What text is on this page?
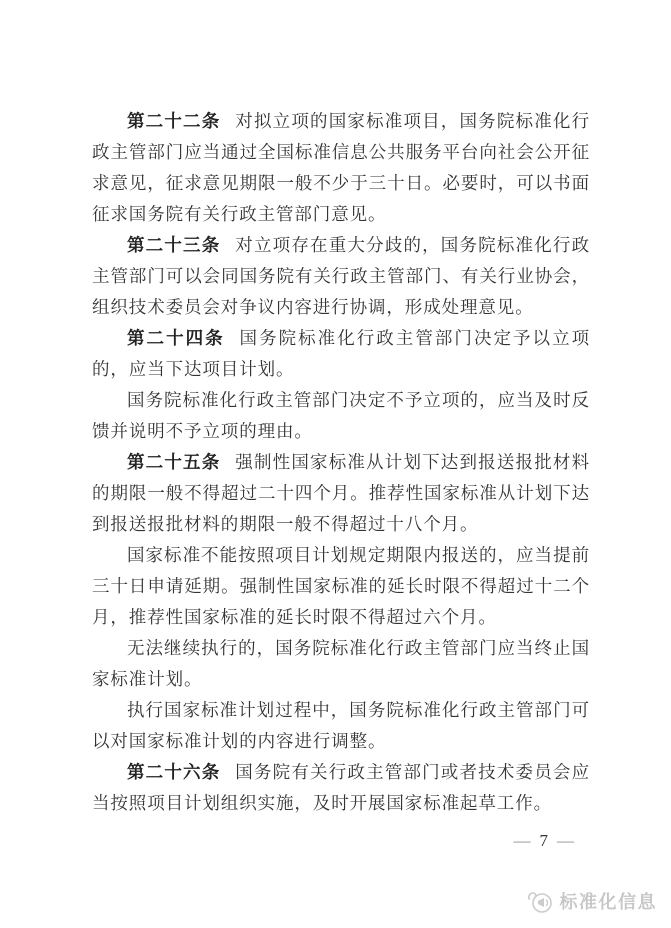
第二十二条 对拟立项的国家标准项目，国务院标准化行政主管部门应当通过全国标准信息公共服务平台向社会公开征求意见，征求意见期限一般不少于三十日。必要时，可以书面征求国务院有关行政主管部门意见。

第二十三条 对立项存在重大分歧的，国务院标准化行政主管部门可以会同国务院有关行政主管部门、有关行业协会，组织技术委员会对争议内容进行协调，形成处理意见。

第二十四条 国务院标准化行政主管部门决定予以立项的，应当下达项目计划。

国务院标准化行政主管部门决定不予立项的，应当及时反馈并说明不予立项的理由。

第二十五条 强制性国家标准从计划下达到报送报批材料的期限一般不得超过二十四个月。推荐性国家标准从计划下达到报送报批材料的期限一般不得超过十八个月。

国家标准不能按照项目计划规定期限内报送的，应当提前三十日申请延期。强制性国家标准的延长时限不得超过十二个月，推荐性国家标准的延长时限不得超过六个月。

无法继续执行的，国务院标准化行政主管部门应当终止国家标准计划。

执行国家标准计划过程中，国务院标准化行政主管部门可以对国家标准计划的内容进行调整。

第二十六条 国务院有关行政主管部门或者技术委员会应当按照项目计划组织实施，及时开展国家标准起草工作。

— 7 —
标准化信息
